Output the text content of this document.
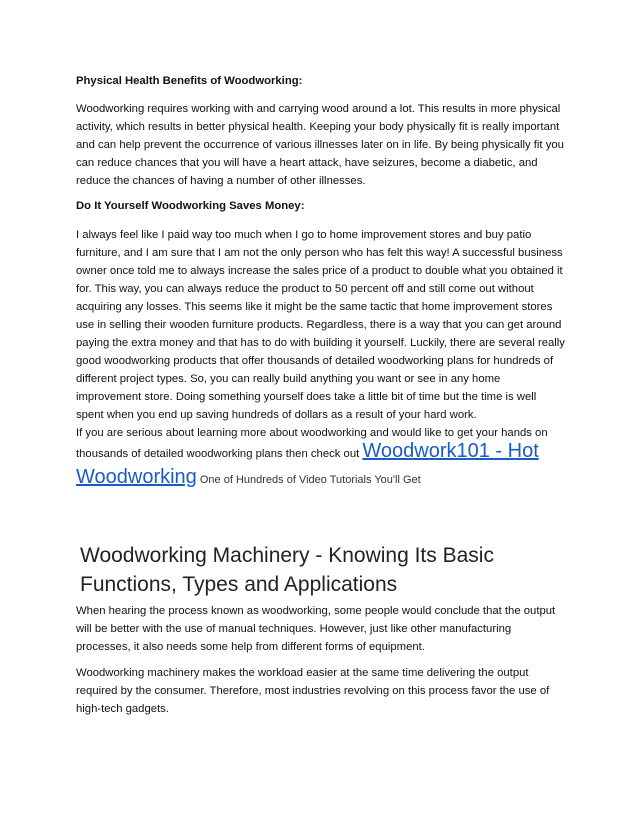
Physical Health Benefits of Woodworking:

Woodworking requires working with and carrying wood around a lot. This results in more physical activity, which results in better physical health. Keeping your body physically fit is really important and can help prevent the occurrence of various illnesses later on in life. By being physically fit you can reduce chances that you will have a heart attack, have seizures, become a diabetic, and reduce the chances of having a number of other illnesses.

Do It Yourself Woodworking Saves Money:

I always feel like I paid way too much when I go to home improvement stores and buy patio furniture, and I am sure that I am not the only person who has felt this way! A successful business owner once told me to always increase the sales price of a product to double what you obtained it for. This way, you can always reduce the product to 50 percent off and still come out without acquiring any losses. This seems like it might be the same tactic that home improvement stores use in selling their wooden furniture products. Regardless, there is a way that you can get around paying the extra money and that has to do with building it yourself. Luckily, there are several really good woodworking products that offer thousands of detailed woodworking plans for hundreds of different project types. So, you can really build anything you want or see in any home improvement store. Doing something yourself does take a little bit of time but the time is well spent when you end up saving hundreds of dollars as a result of your hard work.

If you are serious about learning more about woodworking and would like to get your hands on
thousands of detailed woodworking plans then check out Woodwork101 - Hot
Woodworking One of Hundreds of Video Tutorials You'll Get

Woodworking Machinery - Knowing Its Basic Functions, Types and Applications

When hearing the process known as woodworking, some people would conclude that the output will be better with the use of manual techniques. However, just like other manufacturing processes, it also needs some help from different forms of equipment.

Woodworking machinery makes the workload easier at the same time delivering the output required by the consumer. Therefore, most industries revolving on this process favor the use of high-tech gadgets.
